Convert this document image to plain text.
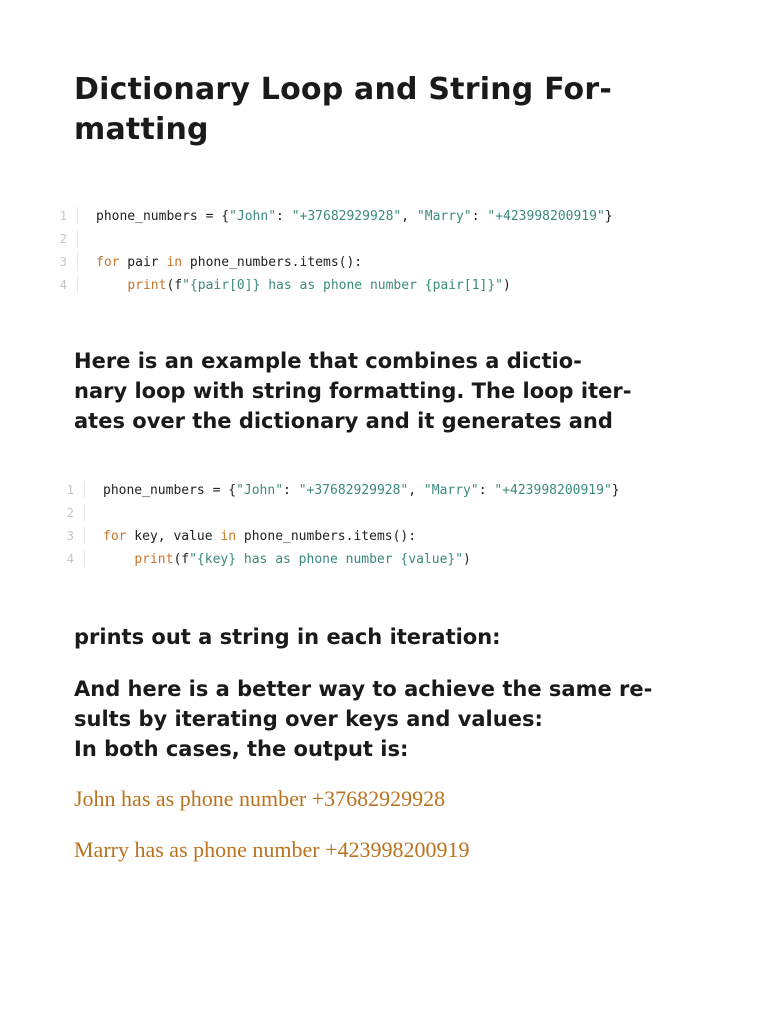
Dictionary Loop and String For-
matting
1 phone_numbers = {"John": "+37682929928", "Marry": "+423998200919"}
2
3 for pair in phone_numbers.items():
4	print(f"{pair[0]} has as phone number {pair[1]}")
Here is an example that combines a dictio-
nary loop with string formatting. The loop iter-
ates over the dictionary and it generates and
1 phone_numbers = {"John": "+37682929928", "Marry": "+423998200919"}
2
3 for key, value in phone_numbers.items():
4	print(f"{key} has as phone number {value}")
prints out a string in each iteration:
And here is a better way to achieve the same re-
sults by iterating over keys and values:
In both cases, the output is:
John has as phone number +37682929928
Marry has as phone number +423998200919
